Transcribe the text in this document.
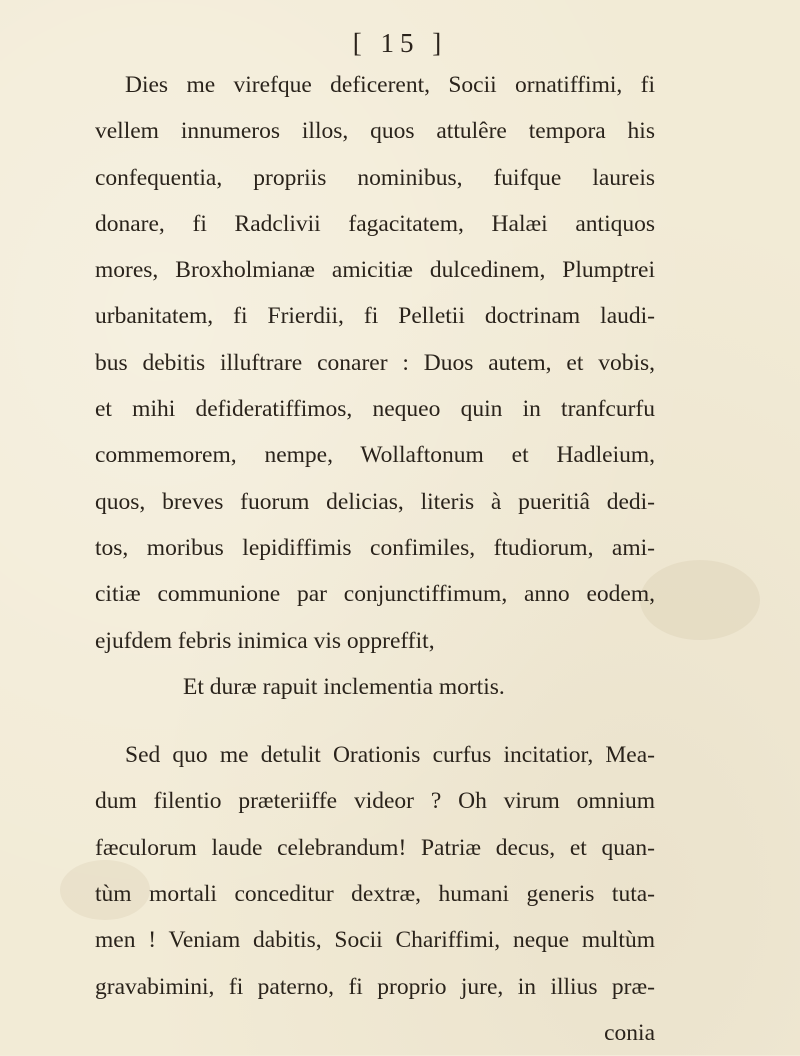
[ 15 ]
Dies me virefque deficerent, Socii ornatiffimi, fi
vellem innumeros illos, quos attulêre tempora his
confequentia, propriis nominibus, fuifque laureis
donare, fi Radclivii fagacitatem, Halæi antiquos
mores, Broxholmianæ amicitiæ dulcedinem, Plumptrei
urbanitatem, fi Frierdii, fi Pelletii doctrinam laudi-
bus debitis illuftrare conarer : Duos autem, et vobis,
et mihi defideratiffimos, nequeo quin in tranfcurfu
commemorem, nempe, Wollaftonum et Hadleium,
quos, breves fuorum delicias, literis à pueritiâ dedi-
tos, moribus lepidiffimis confimiles, ftudiorum, ami-
citiæ communione par conjunctiffimum, anno eodem,
ejufdem febris inimica vis oppreffit,
Et duræ rapuit inclementia mortis.
Sed quo me detulit Orationis curfus incitatior, Mea-
dum filentio præteriiffe videor ? Oh virum omnium
fæculorum laude celebrandum! Patriæ decus, et quan-
tùm mortali conceditur dextræ, humani generis tuta-
men ! Veniam dabitis, Socii Chariffimi, neque multùm
gravabimini, fi paterno, fi proprio jure, in illius præ-
conia
